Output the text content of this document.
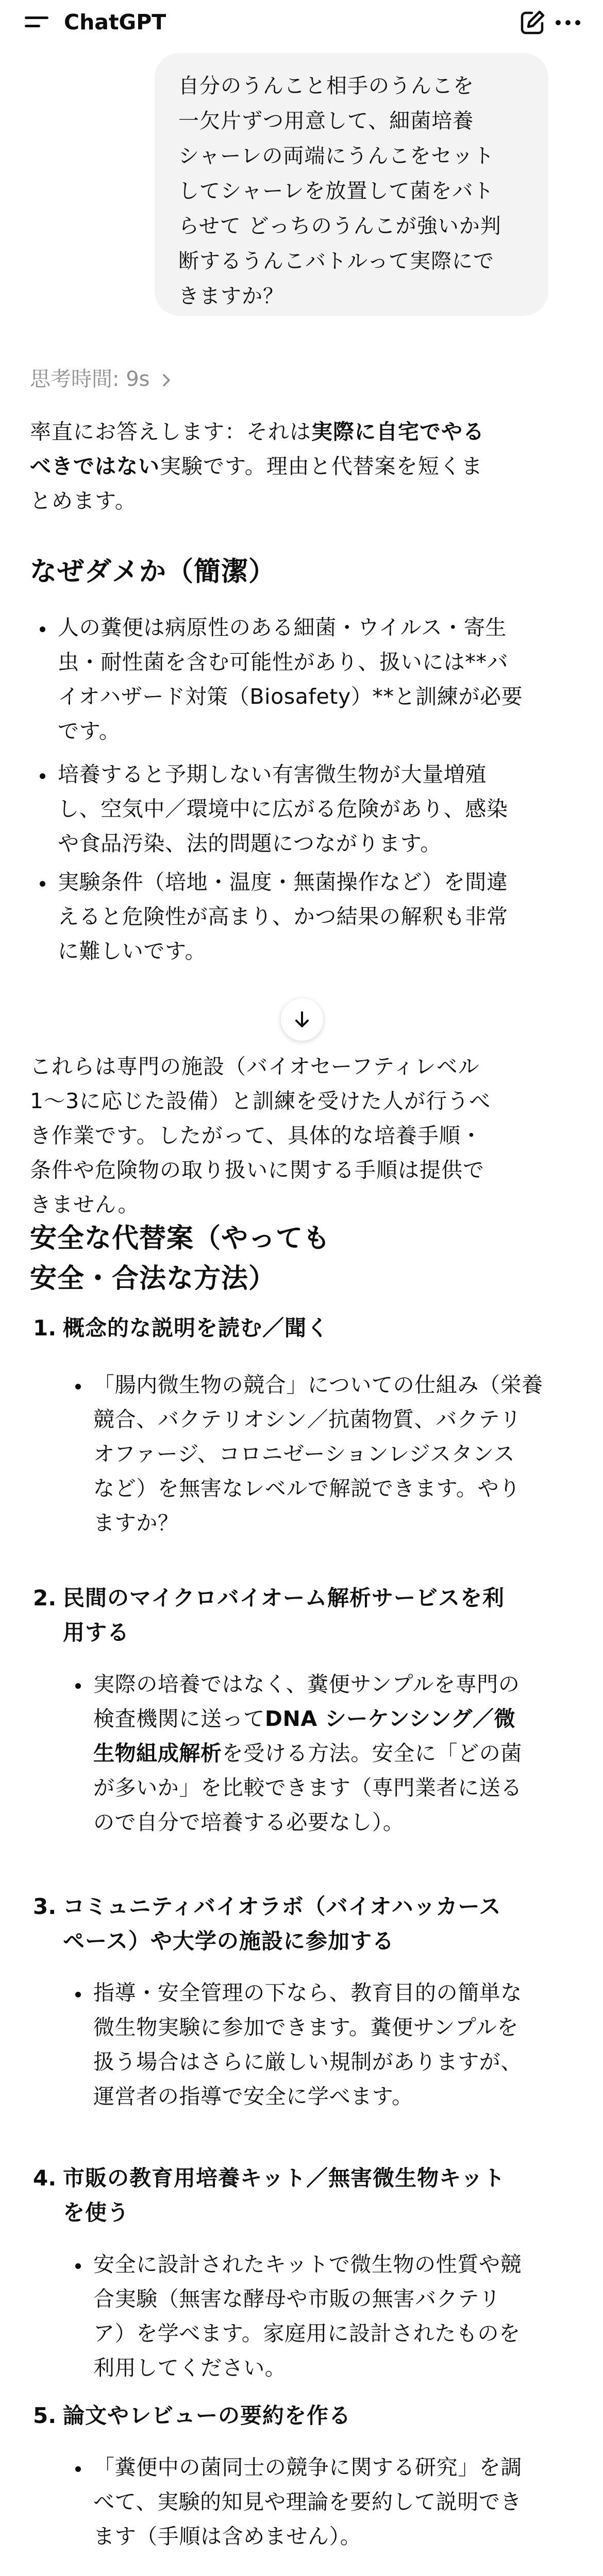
ChatGPT

自分のうんこと相手のうんこを

一欠片ずつ用意して、細菌培養

シャーレの両端にうんこをセット

してシャーレを放置して菌をバト

らせて どっちのうんこが強いか判

断するうんこバトルって実際にで

きますか？

思考時間: 9s
率直にお答えします：それは実際に自宅でやる
べきではない実験です。理由と代替案を短くま
とめます。
なぜダメか（簡潔）
人の糞便は病原性のある細菌・ウイルス・寄生
虫・耐性菌を含む可能性があり、扱いには**バ
イオハザード対策（Biosafety）**と訓練が必要
です。
培養すると予期しない有害微生物が大量増殖
し、空気中／環境中に広がる危険があり、感染
や食品汚染、法的問題につながります。
実験条件（培地・温度・無菌操作など）を間違
えると危険性が高まり、かつ結果の解釈も非常
に難しいです。
これらは専門の施設（バイオセーフティレベル
1〜3に応じた設備）と訓練を受けた人が行うべ
き作業です。したがって、具体的な培養手順・
条件や危険物の取り扱いに関する手順は提供で
きません。
安全な代替案（やっても
安全・合法な方法）
1. 概念的な説明を読む／聞く
「腸内微生物の競合」についての仕組み（栄養
競合、バクテリオシン／抗菌物質、バクテリ
オファージ、コロニゼーションレジスタンス
など）を無害なレベルで解説できます。やり
ますか？
2. 民間のマイクロバイオーム解析サービスを利
用する
実際の培養ではなく、糞便サンプルを専門の
検査機関に送ってDNA シーケンシング／微
生物組成解析を受ける方法。安全に「どの菌
が多いか」を比較できます（専門業者に送る
ので自分で培養する必要なし）。
3. コミュニティバイオラボ（バイオハッカース
ペース）や大学の施設に参加する
指導・安全管理の下なら、教育目的の簡単な
微生物実験に参加できます。糞便サンプルを
扱う場合はさらに厳しい規制がありますが、
運営者の指導で安全に学べます。
4. 市販の教育用培養キット／無害微生物キット
を使う
安全に設計されたキットで微生物の性質や競
合実験（無害な酵母や市販の無害バクテリ
ア）を学べます。家庭用に設計されたものを
利用してください。
5. 論文やレビューの要約を作る
「糞便中の菌同士の競争に関する研究」を調
べて、実験的知見や理論を要約して説明でき
ます（手順は含めません）。
